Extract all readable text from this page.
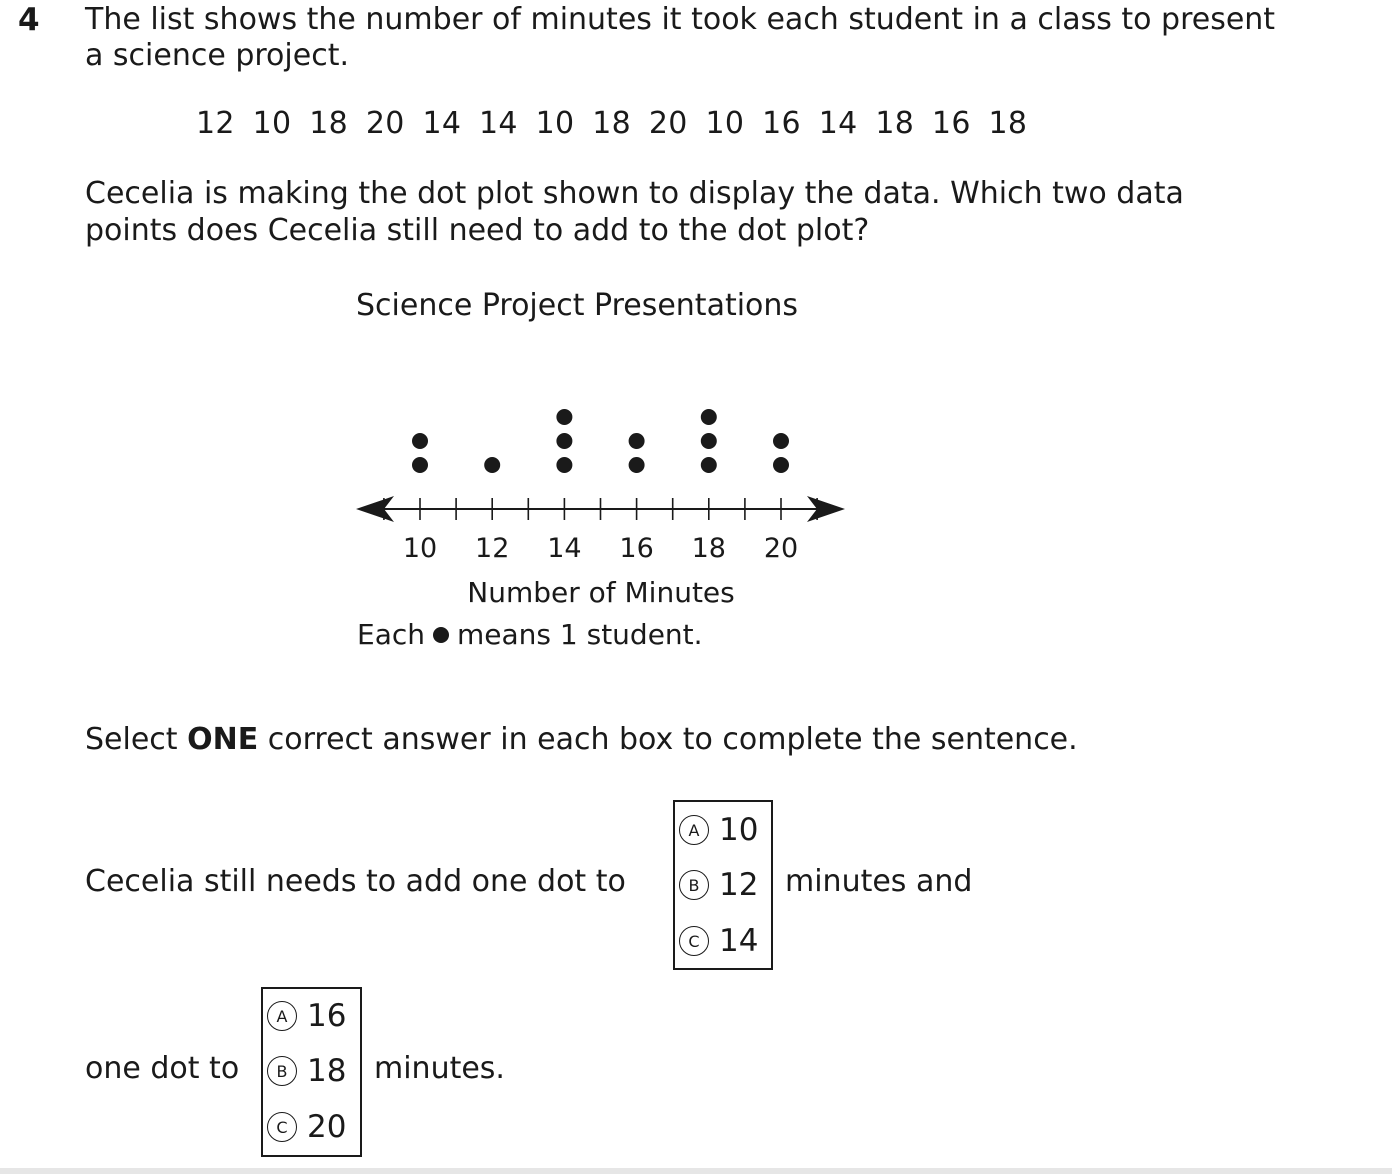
4 The list shows the number of minutes it took each student in a class to present a science project.

12 10 18 20 14 14 10 18 20 10 16 14 18 16 18

Cecelia is making the dot plot shown to display the data. Which two data points does Cecelia still need to add to the dot plot?

Science Project Presentations
10 12 14 16 18 20
Number of Minutes
Each means 1 student.
Select ONE correct answer in each box to complete the sentence.
Cecelia still needs to add one dot to
A 10
B 12
C 14
minutes and
one dot to
A 16
B 18
C 20
minutes.
